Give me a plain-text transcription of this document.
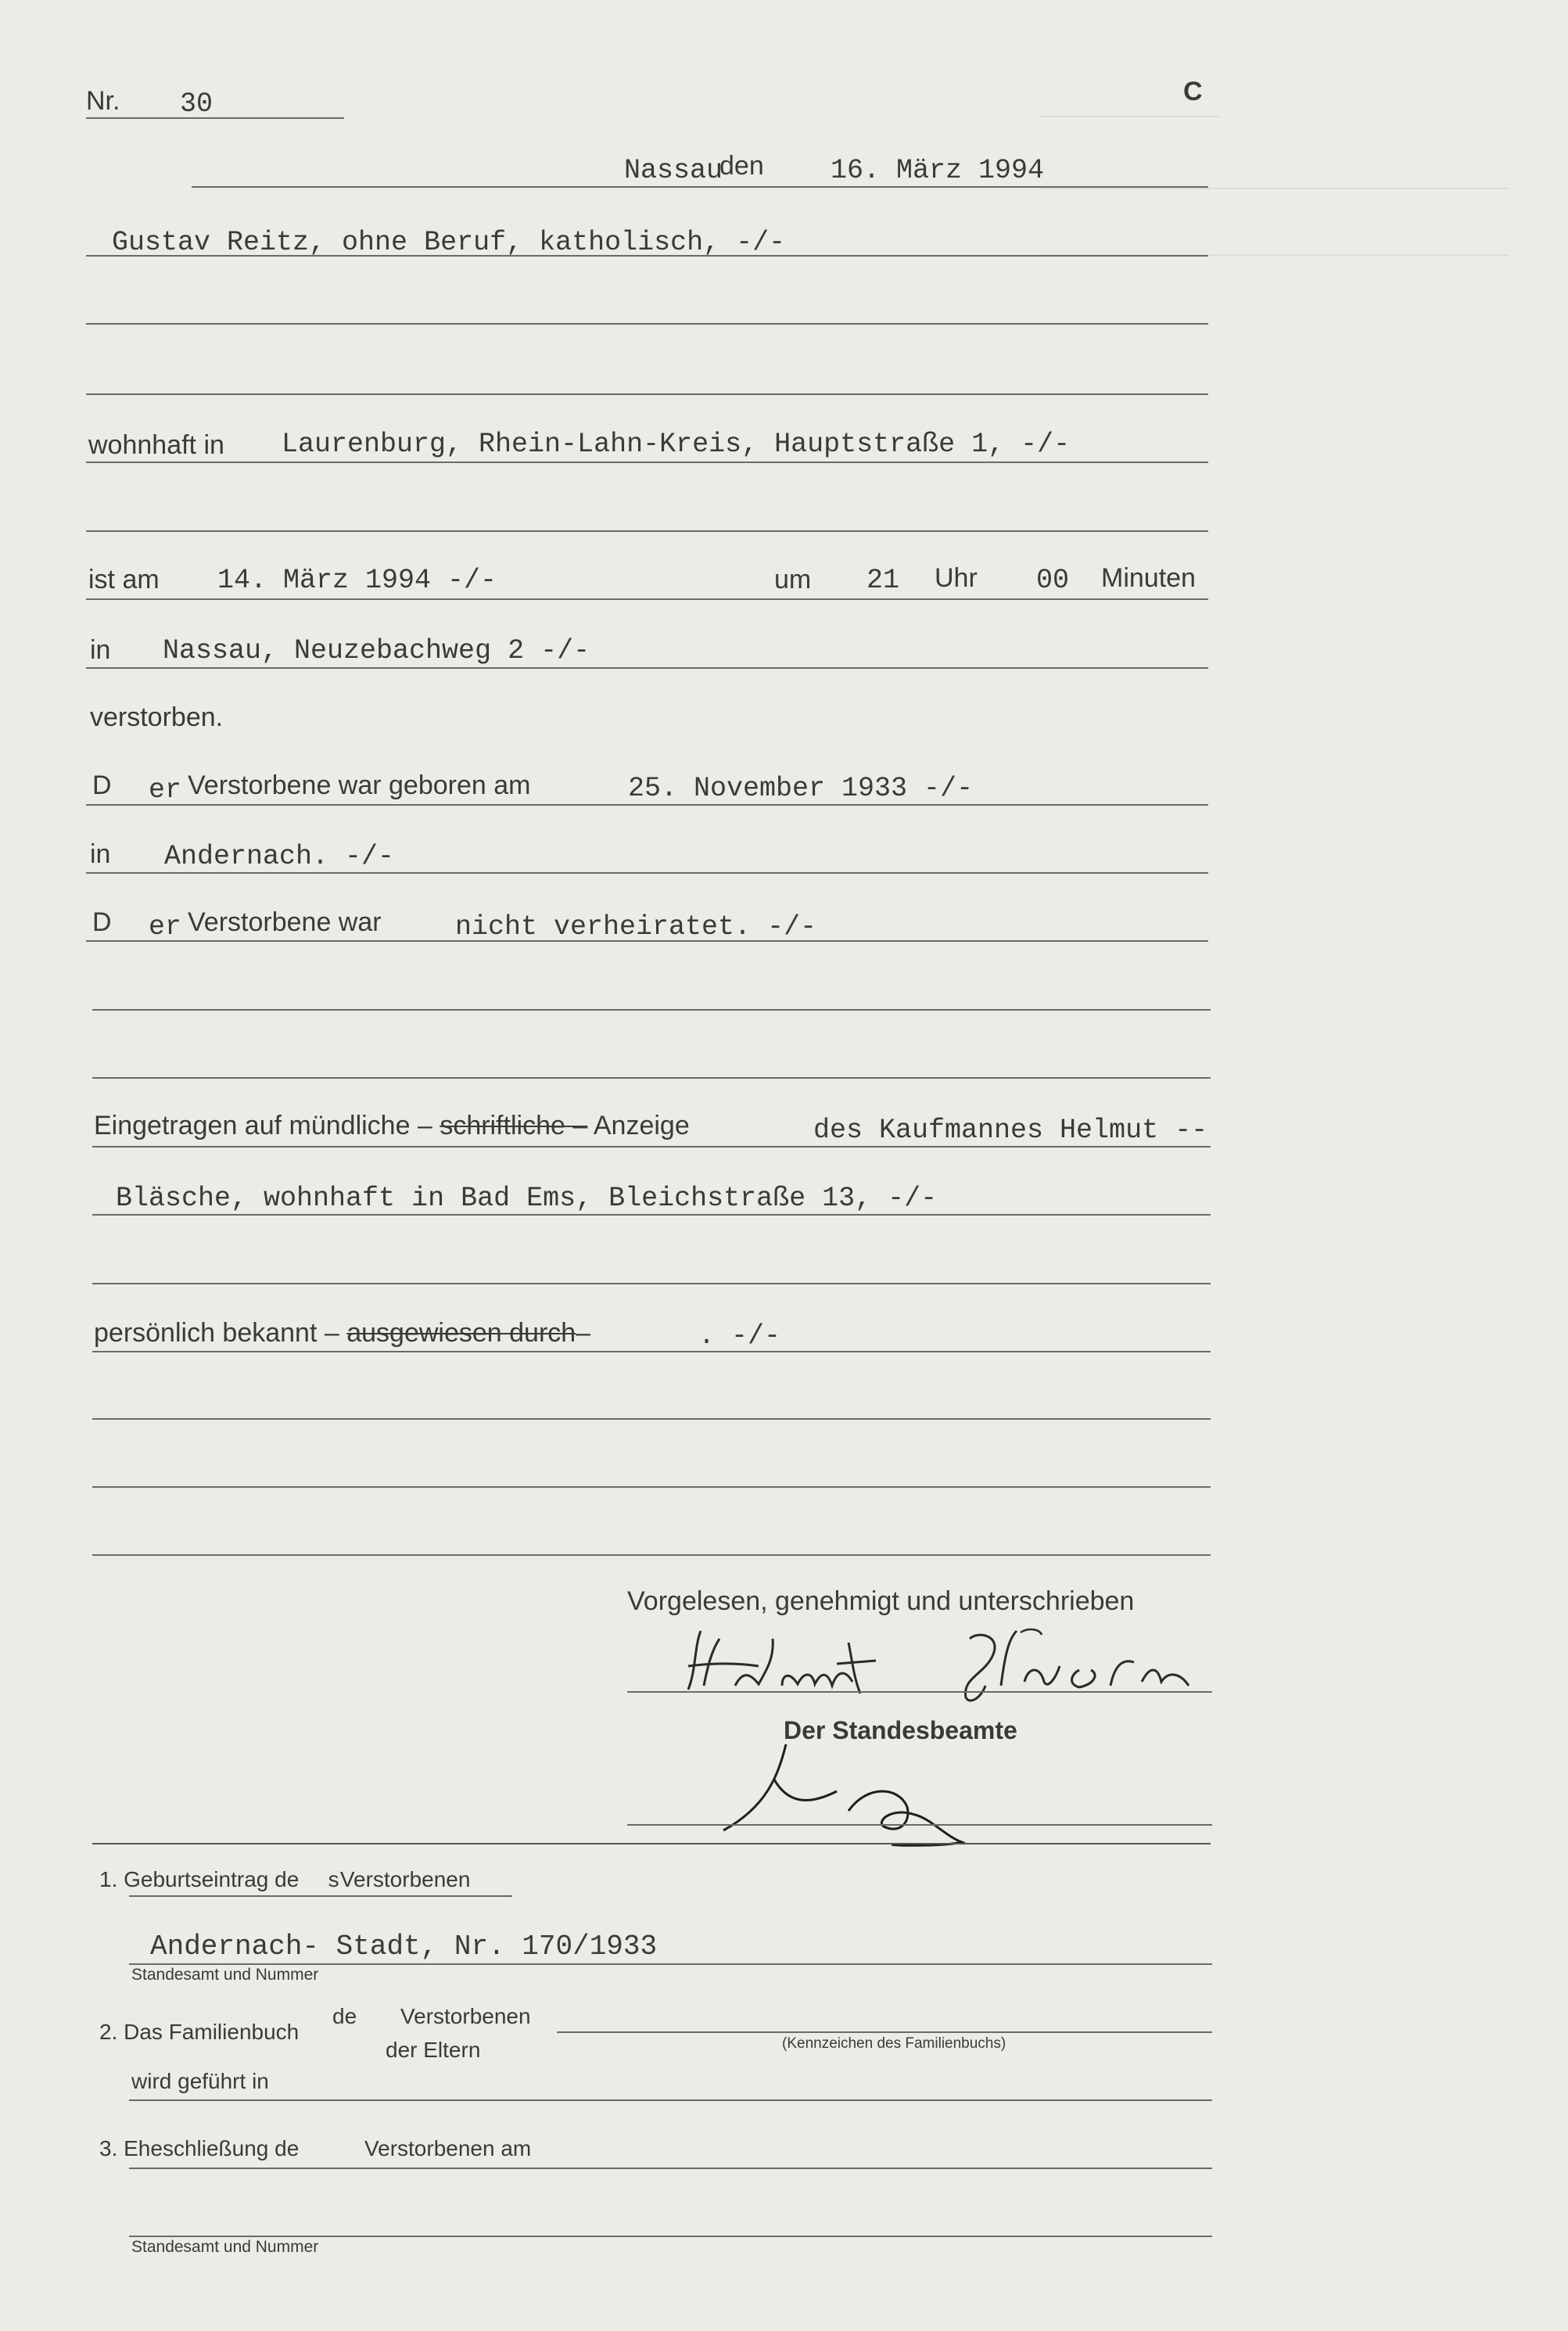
Nr. 30	C
Nassau
den 16. März 1994
Gustav Reitz, ohne Beruf, katholisch, -/-
wohnhaft in Laurenburg, Rhein-Lahn-Kreis, Hauptstraße 1, -/-
ist am 14. März 1994 -/-	um 21 Uhr 00 Minuten
in Nassau, Neuzebachweg 2 -/-
verstorben.
D er Verstorbene war geboren am	25. November 1933 -/-
in Andernach. -/-
D er Verstorbene war	nicht verheiratet. -/-
Eingetragen auf mündliche – schriftliche – Anzeige	des Kaufmannes Helmut --
Bläsche, wohnhaft in Bad Ems, Bleichstraße 13, -/-
persönlich bekannt – ausgewiesen durch–	. -/-
Vorgelesen, genehmigt und unterschrieben
Der Standesbeamte
1. Geburtseintrag de sVerstorbenen
Andernach- Stadt, Nr. 170/1933
Standesamt und Nummer
2. Das Familienbuch
de Verstorbenen
der Eltern	(Kennzeichen des Familienbuchs)
wird geführt in
3. Eheschließung de	Verstorbenen am
Standesamt und Nummer
